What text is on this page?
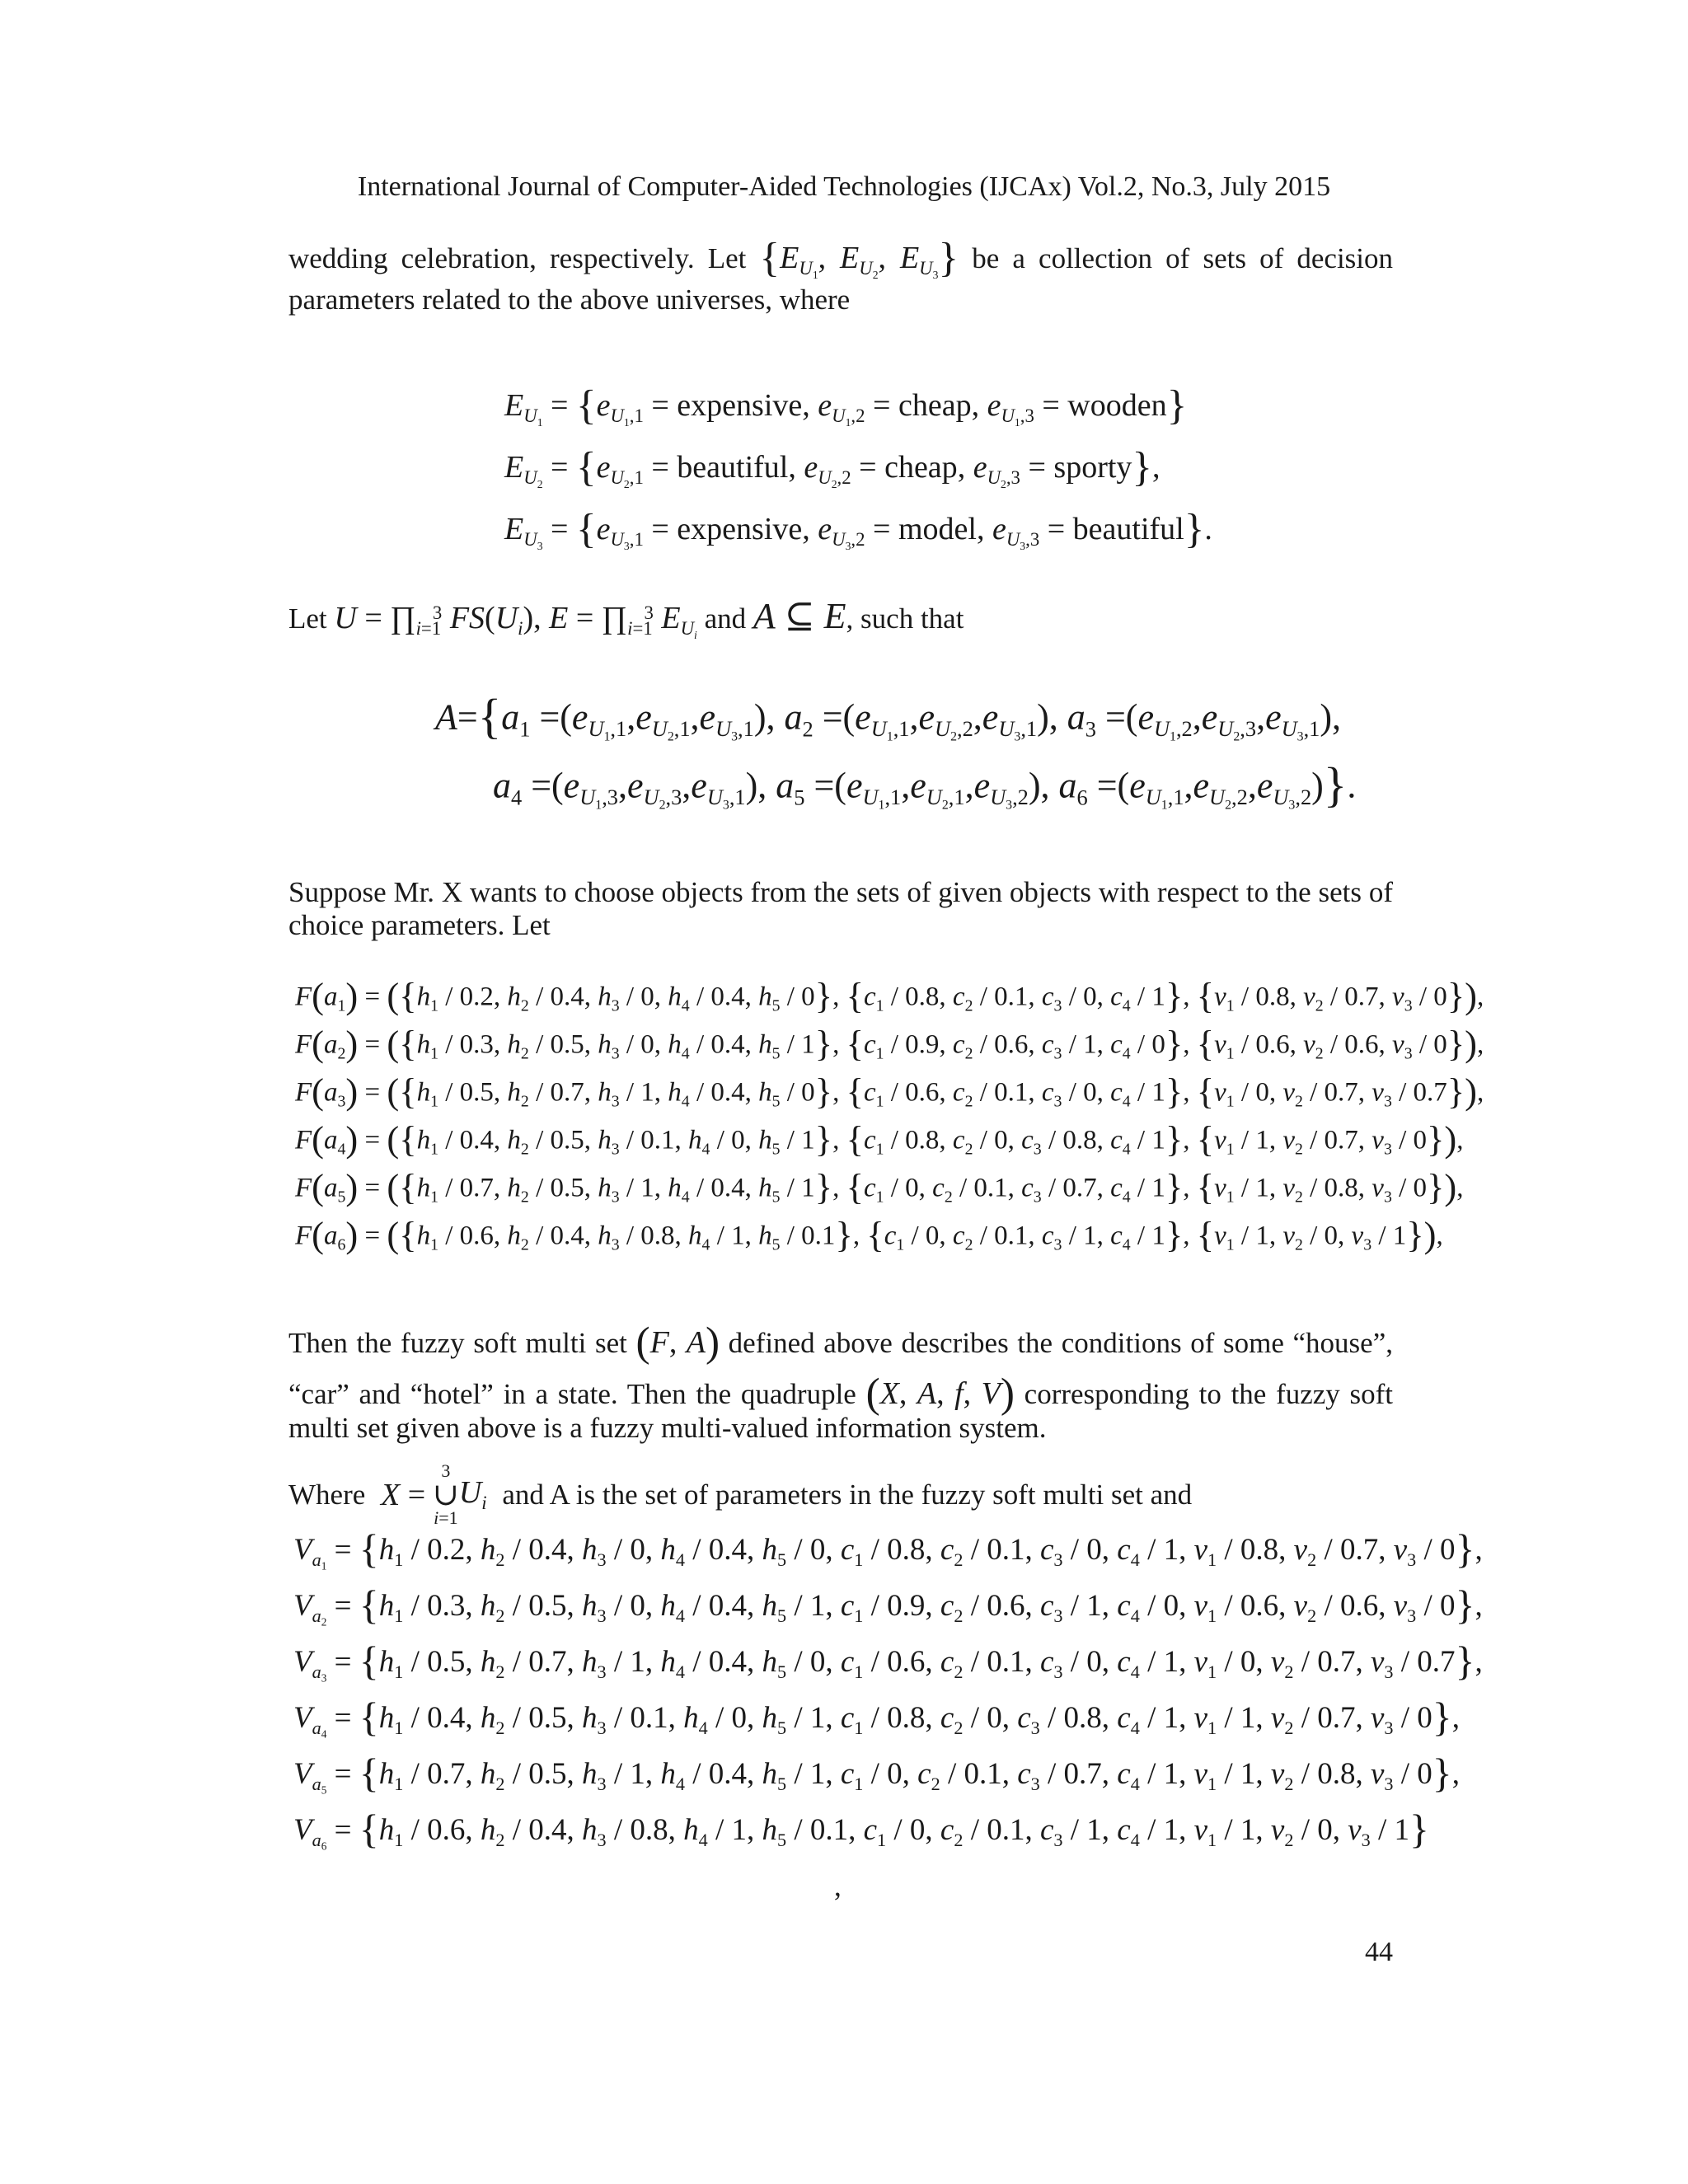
International Journal of Computer-Aided Technologies (IJCAx) Vol.2, No.3, July 2015
wedding celebration, respectively. Let {$E_{U_1}$, $E_{U_2}$, $E_{U_3}$} be a collection of sets of decision
parameters related to the above universes, where
$E_{U_1} = \{e_{U_1,1}$ = expensive, $e_{U_1,2}$ = cheap, $e_{U_1,3}$ = wooden}
$E_{U_2} = \{e_{U_2,1}$ = beautiful, $e_{U_2,2}$ = cheap, $e_{U_2,3}$ = sporty},
$E_{U_3} = \{e_{U_3,1}$ = expensive, $e_{U_3,2}$ = model, $e_{U_3,3}$ = beautiful}.
Let $U = \prod_{i=1}^3$ $FS(U_i)$, $E = \prod_{i=1}^3$ $E_{U_i}$ and A ⊆ E, such that
$A=\{a_1 =(e_{U_1,1},e_{U_2,1},e_{U_3,1})$, $a_2 =(e_{U_1,1},e_{U_2,2},e_{U_3,1})$, $a_3 =(e_{U_1,2},e_{U_2,3},e_{U_3,1})$,
$a_4 =(e_{U_1,3},e_{U_2,3},e_{U_3,1})$, $a_5 =(e_{U_1,1},e_{U_2,1},e_{U_3,2})$, $a_6 =(e_{U_1,1},e_{U_2,2},e_{U_3,2})$}.
Suppose Mr. X wants to choose objects from the sets of given objects with respect to the sets of
choice parameters. Let
$F(a_1) = (\{h_1 / 0.2$, $h_2 / 0.4$, $h_3 / 0$, $h_4 / 0.4$, $h_5 / 0$}, {$c_1 / 0.8$, $c_2 / 0.1$, $c_3 / 0$, $c_4 / 1$}, {$v_1 / 0.8$, $v_2 / 0.7$, $v_3 / 0$}),
$F(a_2) = (\{h_1 / 0.3$, $h_2 / 0.5$, $h_3 / 0$, $h_4 / 0.4$, $h_5 / 1$}, {$c_1 / 0.9$, $c_2 / 0.6$, $c_3 / 1$, $c_4 / 0$}, {$v_1 / 0.6$, $v_2 / 0.6$, $v_3 / 0$}),
$F(a_3) = (\{h_1 / 0.5$, $h_2 / 0.7$, $h_3 / 1$, $h_4 / 0.4$, $h_5 / 0$}, {$c_1 / 0.6$, $c_2 / 0.1$, $c_3 / 0$, $c_4 / 1$}, {$v_1 / 0$, $v_2 / 0.7$, $v_3 / 0.7$}),
$F(a_4) = (\{h_1 / 0.4$, $h_2 / 0.5$, $h_3 / 0.1$, $h_4 / 0$, $h_5 / 1$}, {$c_1 / 0.8$, $c_2 / 0$, $c_3 / 0.8$, $c_4 / 1$}, {$v_1 / 1$, $v_2 / 0.7$, $v_3 / 0$}),
$F(a_5) = (\{h_1 / 0.7$, $h_2 / 0.5$, $h_3 / 1$, $h_4 / 0.4$, $h_5 / 1$}, {$c_1 / 0$, $c_2 / 0.1$, $c_3 / 0.7$, $c_4 / 1$}, {$v_1 / 1$, $v_2 / 0.8$, $v_3 / 0$}),
$F(a_6) = (\{h_1 / 0.6$, $h_2 / 0.4$, $h_3 / 0.8$, $h_4 / 1$, $h_5 / 0.1$}, {$c_1 / 0$, $c_2 / 0.1$, $c_3 / 1$, $c_4 / 1$}, {$v_1 / 1$, $v_2 / 0$, $v_3 / 1$}),
Then the fuzzy soft multi set (F, A) defined above describes the conditions of some “house”,
“car” and “hotel” in a state. Then the quadruple (X, A, f, V) corresponding to the fuzzy soft
multi set given above is a fuzzy multi-valued information system.
Where X =
3
∪
i=1
$U_i$ and A is the set of parameters in the fuzzy soft multi set and
$V_{a_1} = \{h_1 / 0.2$, $h_2 / 0.4$, $h_3 / 0$, $h_4 / 0.4$, $h_5 / 0$, $c_1 / 0.8$, $c_2 / 0.1$, $c_3 / 0$, $c_4 / 1$, $v_1 / 0.8$, $v_2 / 0.7$, $v_3 / 0$},
$V_{a_2} = \{h_1 / 0.3$, $h_2 / 0.5$, $h_3 / 0$, $h_4 / 0.4$, $h_5 / 1$, $c_1 / 0.9$, $c_2 / 0.6$, $c_3 / 1$, $c_4 / 0$, $v_1 / 0.6$, $v_2 / 0.6$, $v_3 / 0$},
$V_{a_3} = \{h_1 / 0.5$, $h_2 / 0.7$, $h_3 / 1$, $h_4 / 0.4$, $h_5 / 0$, $c_1 / 0.6$, $c_2 / 0.1$, $c_3 / 0$, $c_4 / 1$, $v_1 / 0$, $v_2 / 0.7$, $v_3 / 0.7$},
$V_{a_4} = \{h_1 / 0.4$, $h_2 / 0.5$, $h_3 / 0.1$, $h_4 / 0$, $h_5 / 1$, $c_1 / 0.8$, $c_2 / 0$, $c_3 / 0.8$, $c_4 / 1$, $v_1 / 1$, $v_2 / 0.7$, $v_3 / 0$},
$V_{a_5} = \{h_1 / 0.7$, $h_2 / 0.5$, $h_3 / 1$, $h_4 / 0.4$, $h_5 / 1$, $c_1 / 0$, $c_2 / 0.1$, $c_3 / 0.7$, $c_4 / 1$, $v_1 / 1$, $v_2 / 0.8$, $v_3 / 0$},
$V_{a_6} = \{h_1 / 0.6$, $h_2 / 0.4$, $h_3 / 0.8$, $h_4 / 1$, $h_5 / 0.1$, $c_1 / 0$, $c_2 / 0.1$, $c_3 / 1$, $c_4 / 1$, $v_1 / 1$, $v_2 / 0$, $v_3 / 1$}
,
44
